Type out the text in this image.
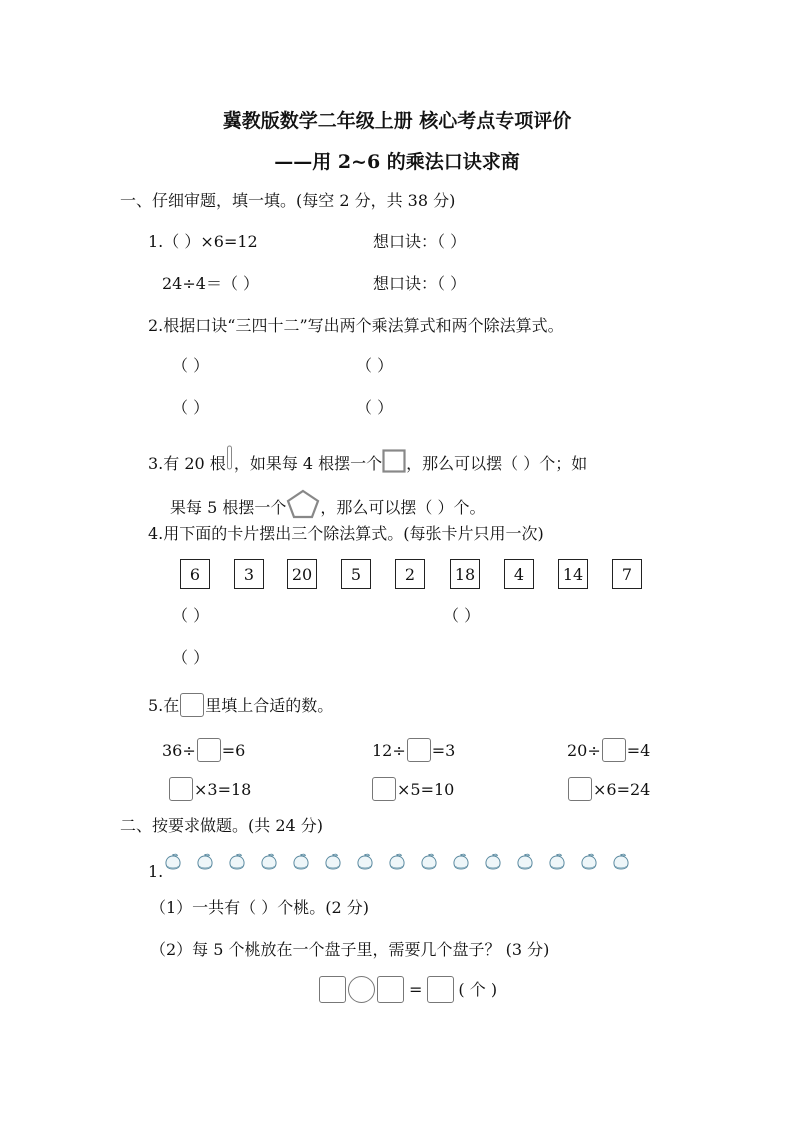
冀教版数学二年级上册 核心考点专项评价
——用 2~6 的乘法口诀求商
一、仔细审题，填一填。(每空 2 分，共 38 分)
1.（ ）×6=12	想口诀：（ ）
24÷4＝（ ）	想口诀：（ ）
2.根据口诀“三四十二”写出两个乘法算式和两个除法算式。
（ ）	（ ）
（ ）	（ ）
3.有 20 根 ，如果每 4 根摆一个 ，那么可以摆（ ）个；如
果每 5 根摆一个 ，那么可以摆（ ）个。
4.用下面的卡片摆出三个除法算式。(每张卡片只用一次)
6	3	20	5	2	18	4	14	7
（ ）	（ ）
（ ）
5.在 里填上合适的数。
36÷ =6	12÷ =3	20÷ =4
×3=18	×5=10	×6=24
二、按要求做题。(共 24 分)
1.
（1）一共有（ ）个桃。(2 分)
（2）每 5 个桃放在一个盘子里，需要几个盘子？ (3 分)
= ( 个 )
